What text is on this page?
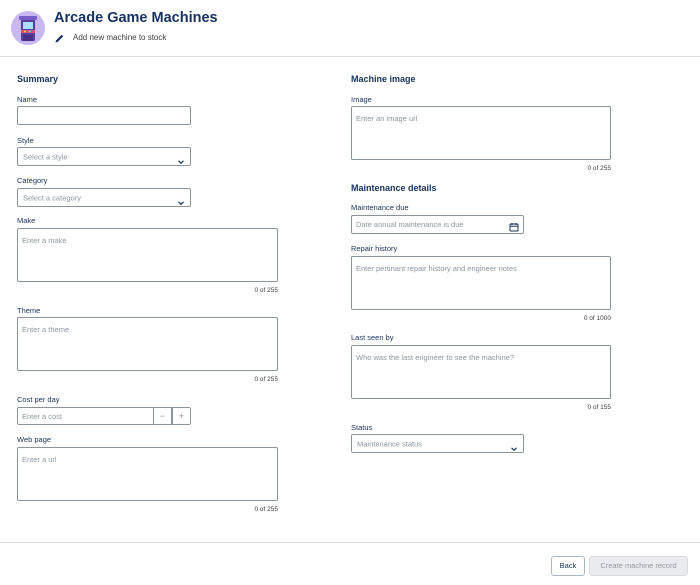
Arcade Game Machines
Add new machine to stock
Summary
Name
Style
Select a style
Category
Select a category
Make
Enter a make
0 of 255
Theme
Enter a theme
0 of 255
Cost per day
Enter a cost
−	+
Web page
Enter a url
0 of 255
Machine image
Image
Enter an image url
0 of 255
Maintenance details
Maintenance due
Date annual maintenance is due
Repair history
Enter pertinant repair history and engineer notes
0 of 1000
Last seen by
Who was the last engineer to see the machine?
0 of 155
Status
Maintenance status
Back	Create machine record
